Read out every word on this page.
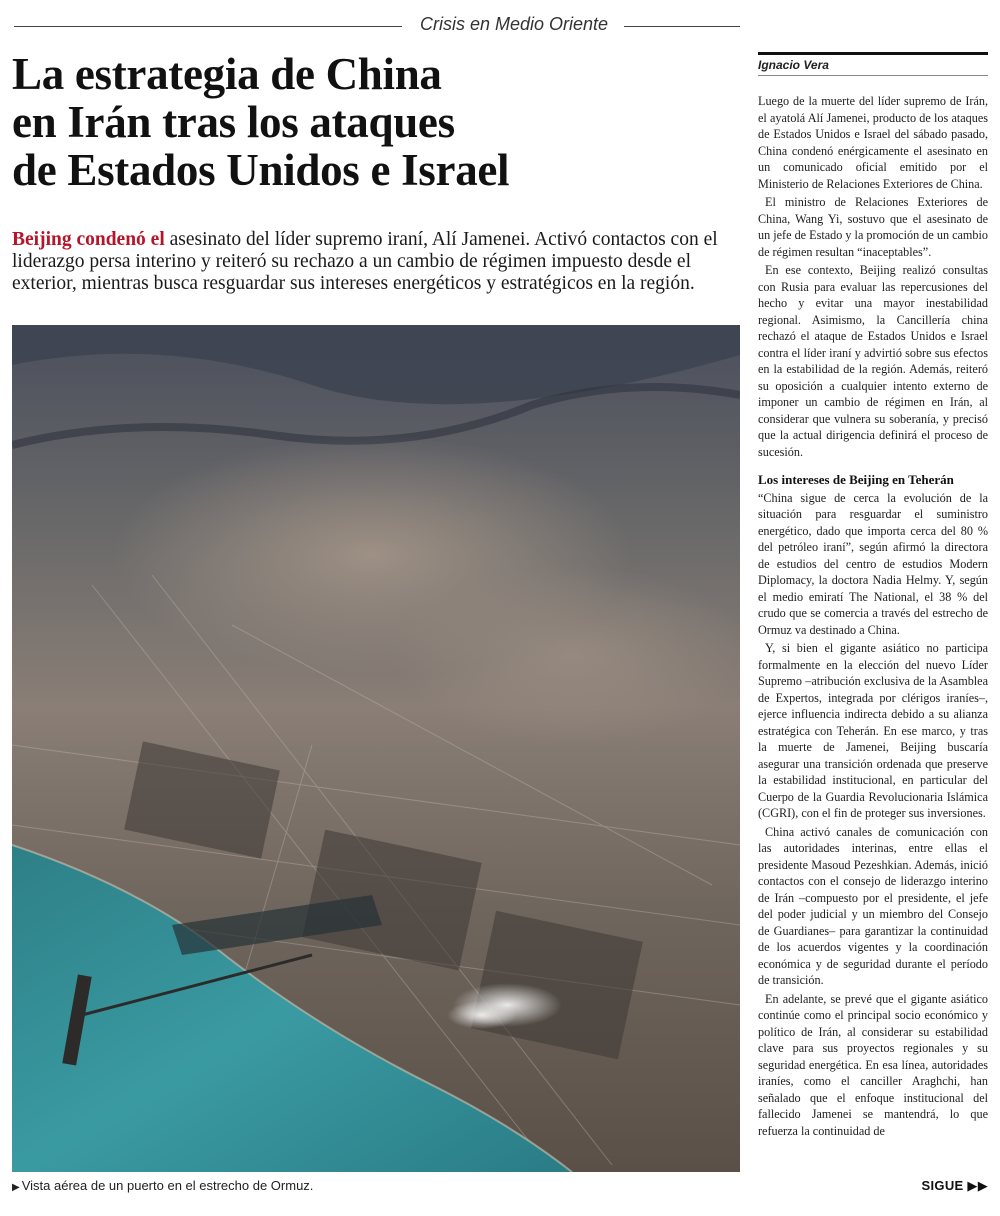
Crisis en Medio Oriente
La estrategia de China
en Irán tras los ataques
de Estados Unidos e Israel

Beijing condenó el asesinato del líder supremo iraní, Alí Jamenei. Activó contactos con el liderazgo persa interino y reiteró su rechazo a un cambio de régimen impuesto desde el exterior, mientras busca resguardar sus intereses energéticos y estratégicos en la región.

▶ Vista aérea de un puerto en el estrecho de Ormuz.	SIGUE ▶▶
Ignacio Vera

Luego de la muerte del líder supremo de Irán, el ayatolá Alí Jamenei, producto de los ataques de Estados Unidos e Israel del sábado pasado, China condenó enérgicamente el asesinato en un comunicado oficial emitido por el Ministerio de Relaciones Exteriores de China.

El ministro de Relaciones Exteriores de China, Wang Yi, sostuvo que el asesinato de un jefe de Estado y la promoción de un cambio de régimen resultan “inaceptables”.

En ese contexto, Beijing realizó consultas con Rusia para evaluar las repercusiones del hecho y evitar una mayor inestabilidad regional. Asimismo, la Cancillería china rechazó el ataque de Estados Unidos e Israel contra el líder iraní y advirtió sobre sus efectos en la estabilidad de la región. Además, reiteró su oposición a cualquier intento externo de imponer un cambio de régimen en Irán, al considerar que vulnera su soberanía, y precisó que la actual dirigencia definirá el proceso de sucesión.

Los intereses de Beijing en Teherán

“China sigue de cerca la evolución de la situación para resguardar el suministro energético, dado que importa cerca del 80 % del petróleo iraní”, según afirmó la directora de estudios del centro de estudios Modern Diplomacy, la doctora Nadia Helmy. Y, según el medio emiratí The National, el 38 % del crudo que se comercia a través del estrecho de Ormuz va destinado a China.

Y, si bien el gigante asiático no participa formalmente en la elección del nuevo Líder Supremo –atribución exclusiva de la Asamblea de Expertos, integrada por clérigos iraníes–, ejerce influencia indirecta debido a su alianza estratégica con Teherán. En ese marco, y tras la muerte de Jamenei, Beijing buscaría asegurar una transición ordenada que preserve la estabilidad institucional, en particular del Cuerpo de la Guardia Revolucionaria Islámica (CGRI), con el fin de proteger sus inversiones.

China activó canales de comunicación con las autoridades interinas, entre ellas el presidente Masoud Pezeshkian. Además, inició contactos con el consejo de liderazgo interino de Irán –compuesto por el presidente, el jefe del poder judicial y un miembro del Consejo de Guardianes– para garantizar la continuidad de los acuerdos vigentes y la coordinación económica y de seguridad durante el período de transición.

En adelante, se prevé que el gigante asiático continúe como el principal socio económico y político de Irán, al considerar su estabilidad clave para sus proyectos regionales y su seguridad energética. En esa línea, autoridades iraníes, como el canciller Araghchi, han señalado que el enfoque institucional del fallecido Jamenei se mantendrá, lo que refuerza la continuidad de
